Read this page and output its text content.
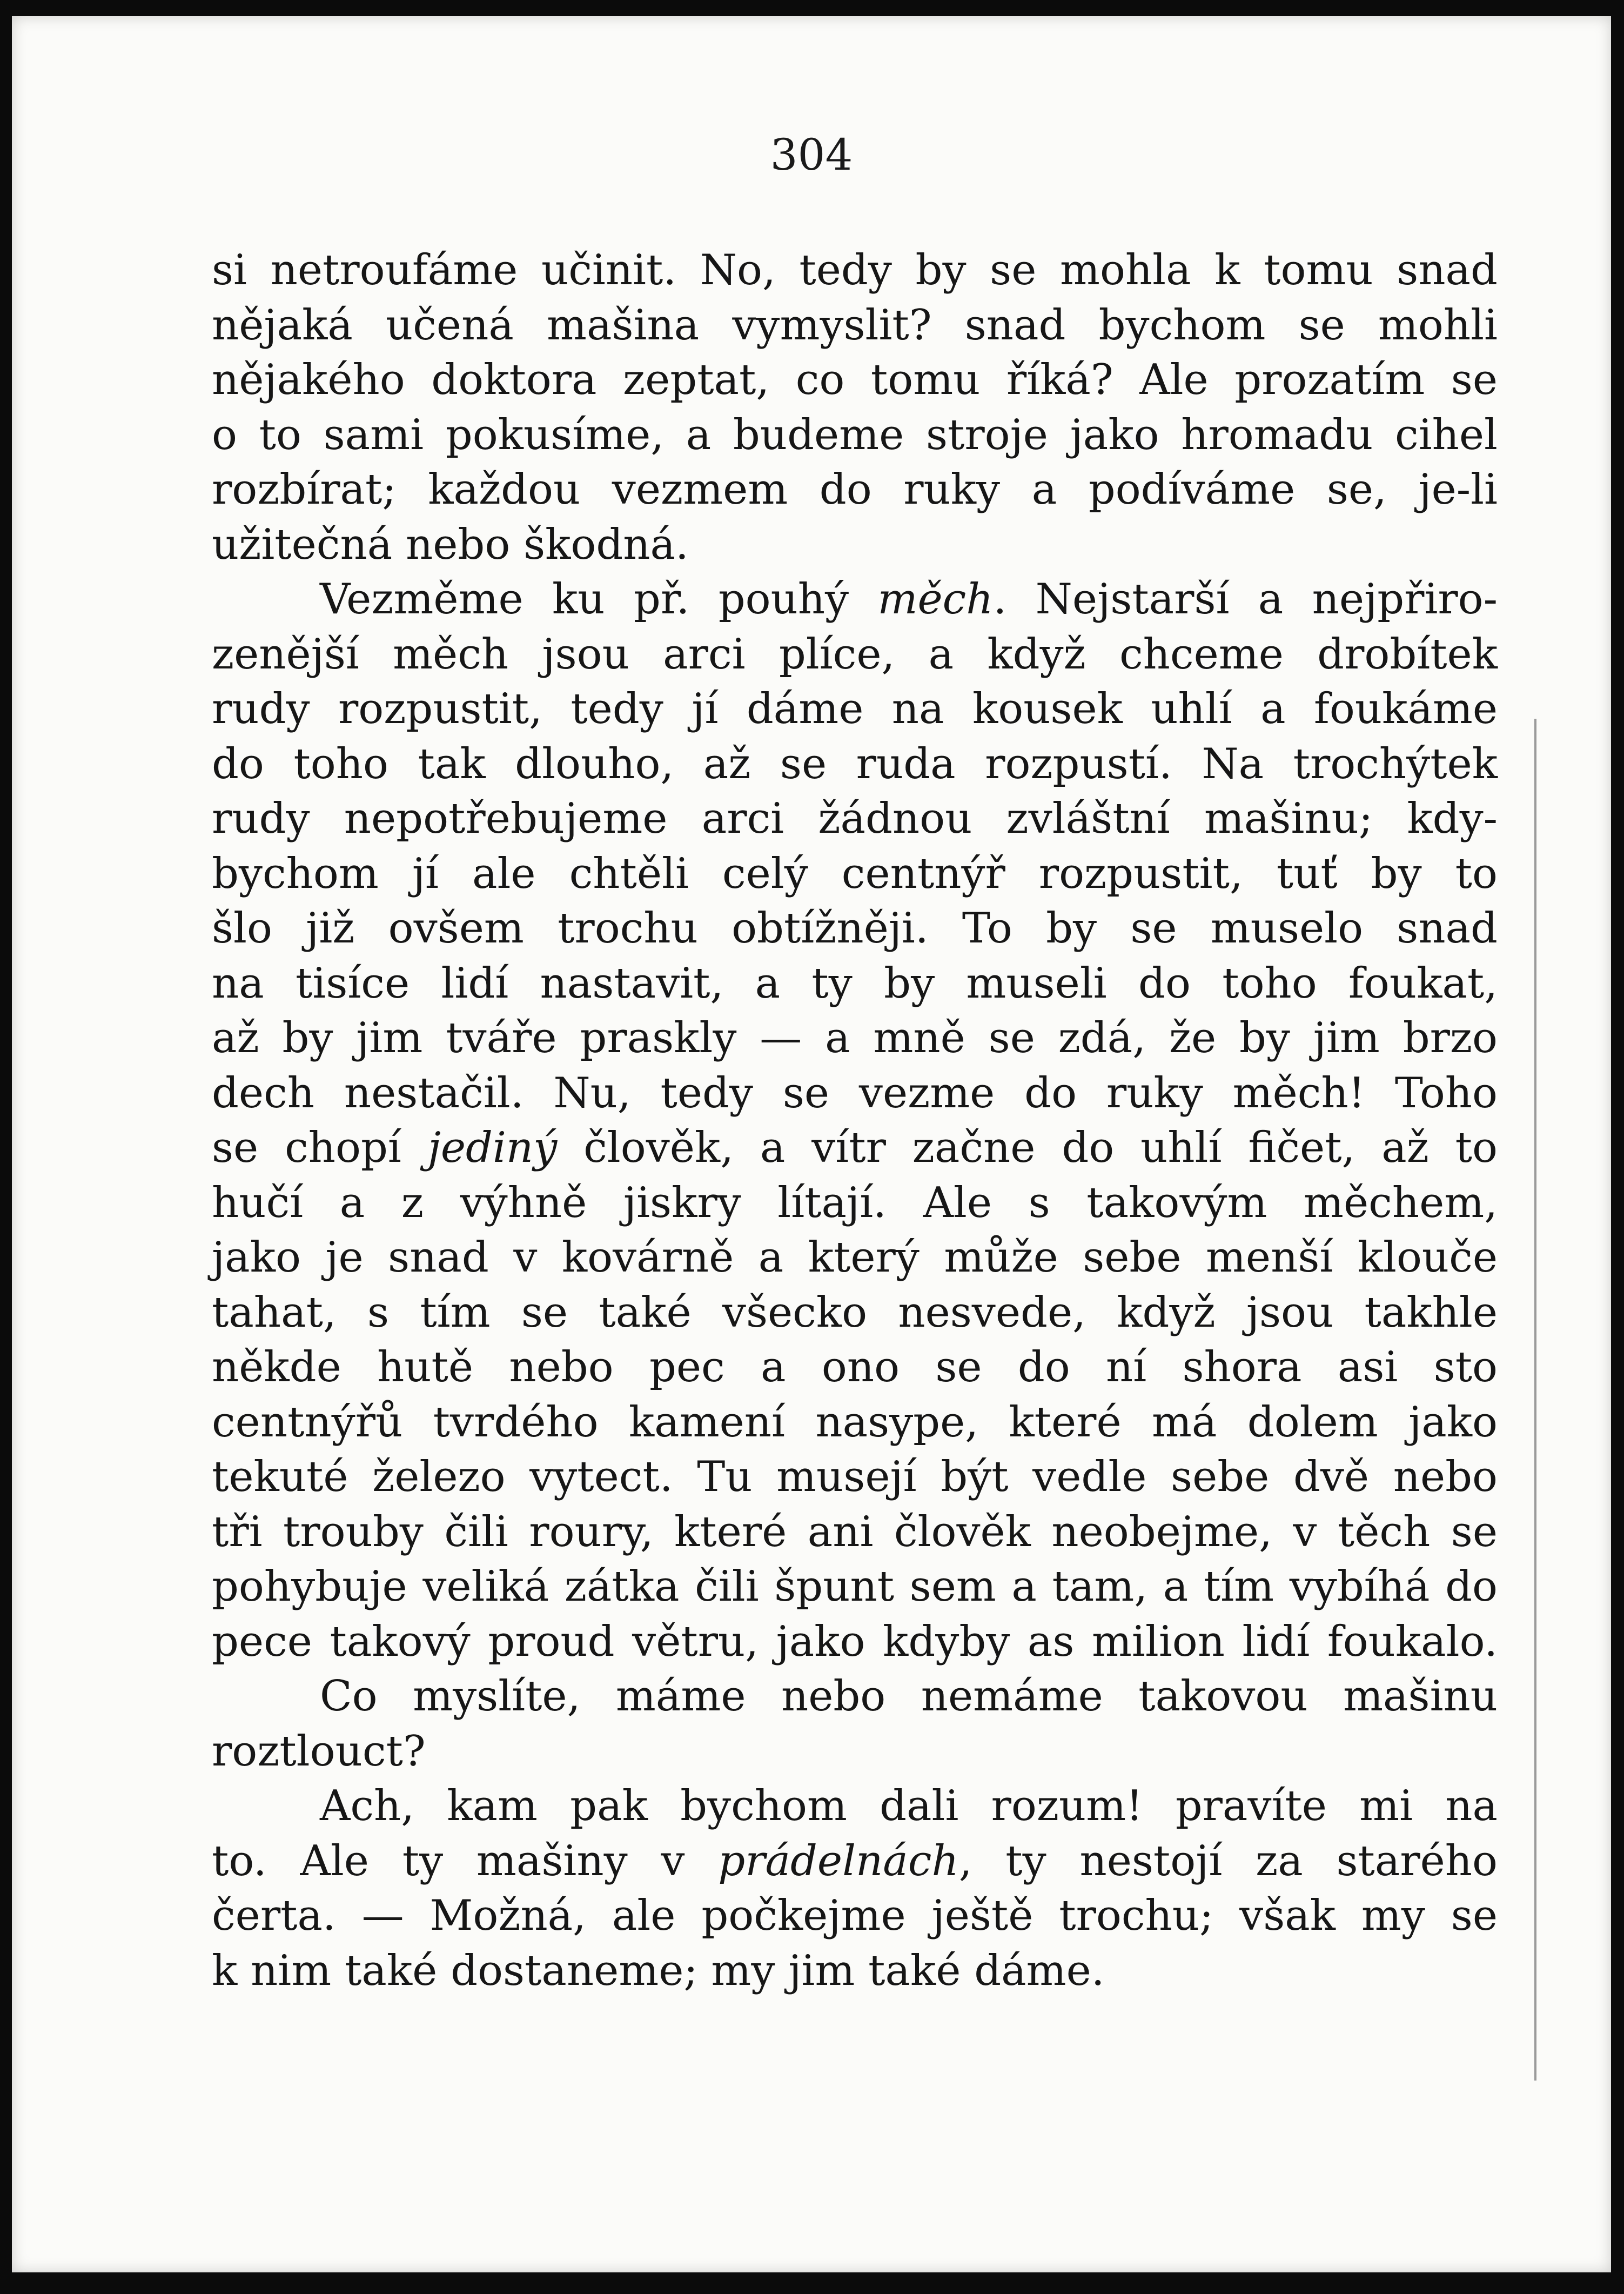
304
si netroufáme učinit. No, tedy by se mohla k tomu snad
nějaká učená mašina vymyslit? snad bychom se mohli
nějakého doktora zeptat, co tomu říká? Ale prozatím se
o to sami pokusíme, a budeme stroje jako hromadu cihel
rozbírat; každou vezmem do ruky a podíváme se, je-li
užitečná nebo škodná.
Vezměme ku př. pouhý měch. Nejstarší a nejpřiro-
zenější měch jsou arci plíce, a když chceme drobítek
rudy rozpustit, tedy jí dáme na kousek uhlí a foukáme
do toho tak dlouho, až se ruda rozpustí. Na trochýtek
rudy nepotřebujeme arci žádnou zvláštní mašinu; kdy-
bychom jí ale chtěli celý centnýř rozpustit, tuť by to
šlo již ovšem trochu obtížněji. To by se muselo snad
na tisíce lidí nastavit, a ty by museli do toho foukat,
až by jim tváře praskly — a mně se zdá, že by jim brzo
dech nestačil. Nu, tedy se vezme do ruky měch! Toho
se chopí jediný člověk, a vítr začne do uhlí fičet, až to
hučí a z výhně jiskry lítají. Ale s takovým měchem,
jako je snad v kovárně a který může sebe menší klouče
tahat, s tím se také všecko nesvede, když jsou takhle
někde hutě nebo pec a ono se do ní shora asi sto
centnýřů tvrdého kamení nasype, které má dolem jako
tekuté železo vytect. Tu musejí být vedle sebe dvě nebo
tři trouby čili roury, které ani člověk neobejme, v těch se
pohybuje veliká zátka čili špunt sem a tam, a tím vybíhá do
pece takový proud větru, jako kdyby as milion lidí foukalo.
Co myslíte, máme nebo nemáme takovou mašinu
roztlouct?
Ach, kam pak bychom dali rozum! pravíte mi na
to. Ale ty mašiny v prádelnách, ty nestojí za starého
čerta. — Možná, ale počkejme ještě trochu; však my se
k nim také dostaneme; my jim také dáme.
